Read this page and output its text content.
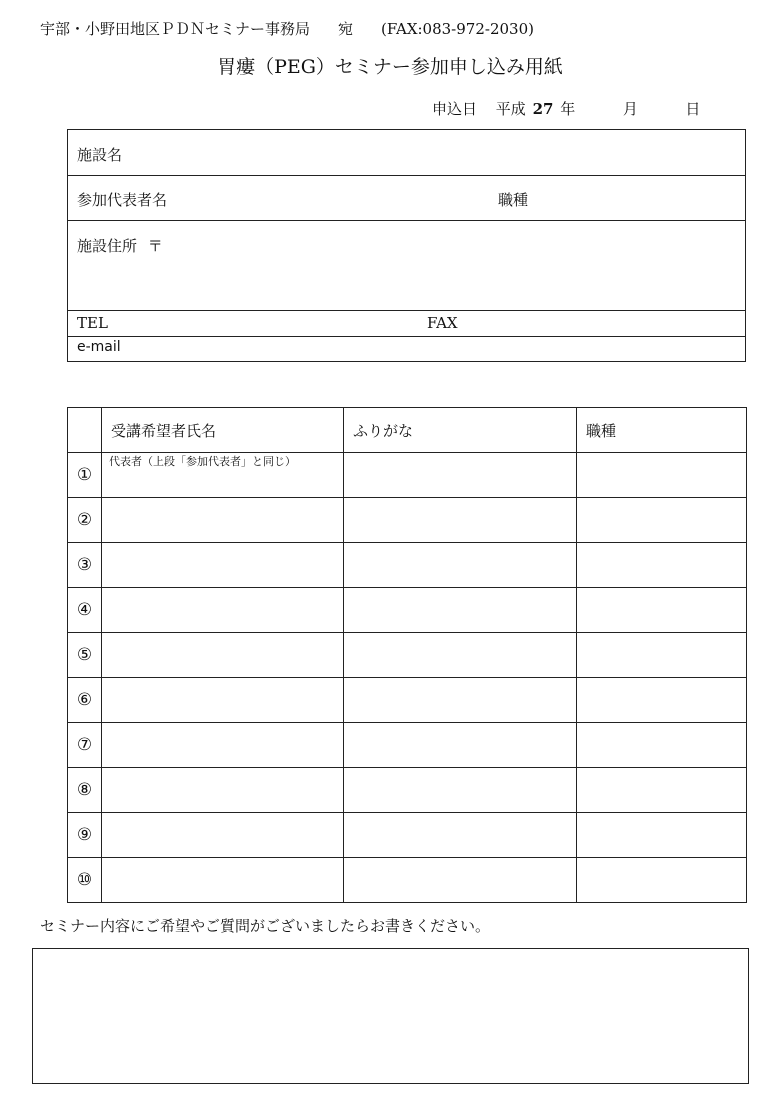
宇部・小野田地区ＰＤＮセミナー事務局 宛 (FAX:083-972-2030)
胃瘻（PEG）セミナー参加申し込み用紙
申込日 平成 27 年	月	日
施設名
参加代表者名	職種
施設住所 〒
TEL	FAX
e-mail
	受講希望者氏名	ふりがな	職種
①	代表者（上段「参加代表者」と同じ）		

②			
③			
④			
⑤			
⑥			
⑦			
⑧			
⑨			
⑩			
セミナー内容にご希望やご質問がございましたらお書きください。
